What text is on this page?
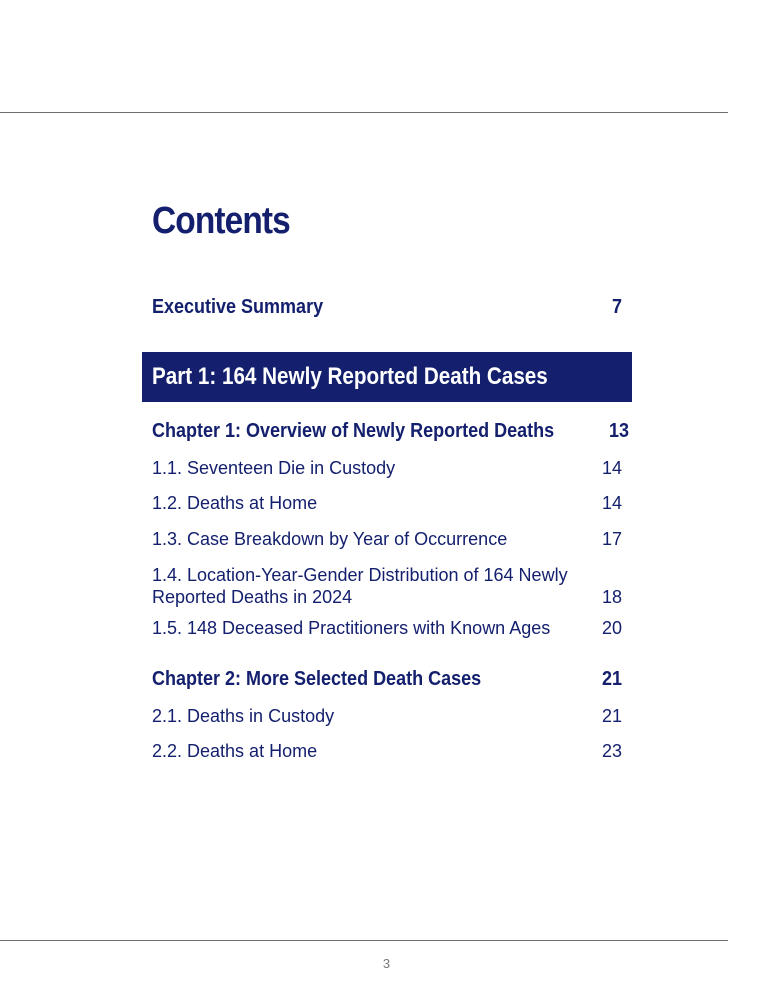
Contents
Executive Summary	7
Part 1: 164 Newly Reported Death Cases
Chapter 1: Overview of Newly Reported Deaths	13
1.1. Seventeen Die in Custody	14
1.2. Deaths at Home	14
1.3. Case Breakdown by Year of Occurrence	17
1.4. Location-Year-Gender Distribution of 164 Newly Reported Deaths in 2024	18
1.5. 148 Deceased Practitioners with Known Ages	20
Chapter 2: More Selected Death Cases	21
2.1. Deaths in Custody	21
2.2. Deaths at Home	23
3
